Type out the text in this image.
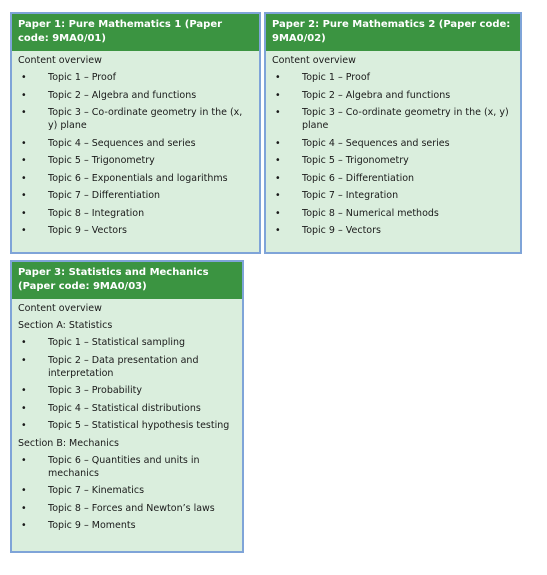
Paper 1: Pure Mathematics 1 (Paper code: 9MA0/01)
Content overview
• Topic 1 – Proof
• Topic 2 – Algebra and functions
• Topic 3 – Co-ordinate geometry in the (x, y) plane
• Topic 4 – Sequences and series
• Topic 5 – Trigonometry
• Topic 6 – Exponentials and logarithms
• Topic 7 – Differentiation
• Topic 8 – Integration
• Topic 9 – Vectors
Paper 2: Pure Mathematics 2 (Paper code: 9MA0/02)
Content overview
• Topic 1 – Proof
• Topic 2 – Algebra and functions
• Topic 3 – Co-ordinate geometry in the (x, y) plane
• Topic 4 – Sequences and series
• Topic 5 – Trigonometry
• Topic 6 – Differentiation
• Topic 7 – Integration
• Topic 8 – Numerical methods
• Topic 9 – Vectors
Paper 3: Statistics and Mechanics (Paper code: 9MA0/03)
Content overview
Section A: Statistics
• Topic 1 – Statistical sampling
• Topic 2 – Data presentation and interpretation
• Topic 3 – Probability
• Topic 4 – Statistical distributions
• Topic 5 – Statistical hypothesis testing
Section B: Mechanics
• Topic 6 – Quantities and units in mechanics
• Topic 7 – Kinematics
• Topic 8 – Forces and Newton’s laws
• Topic 9 – Moments
